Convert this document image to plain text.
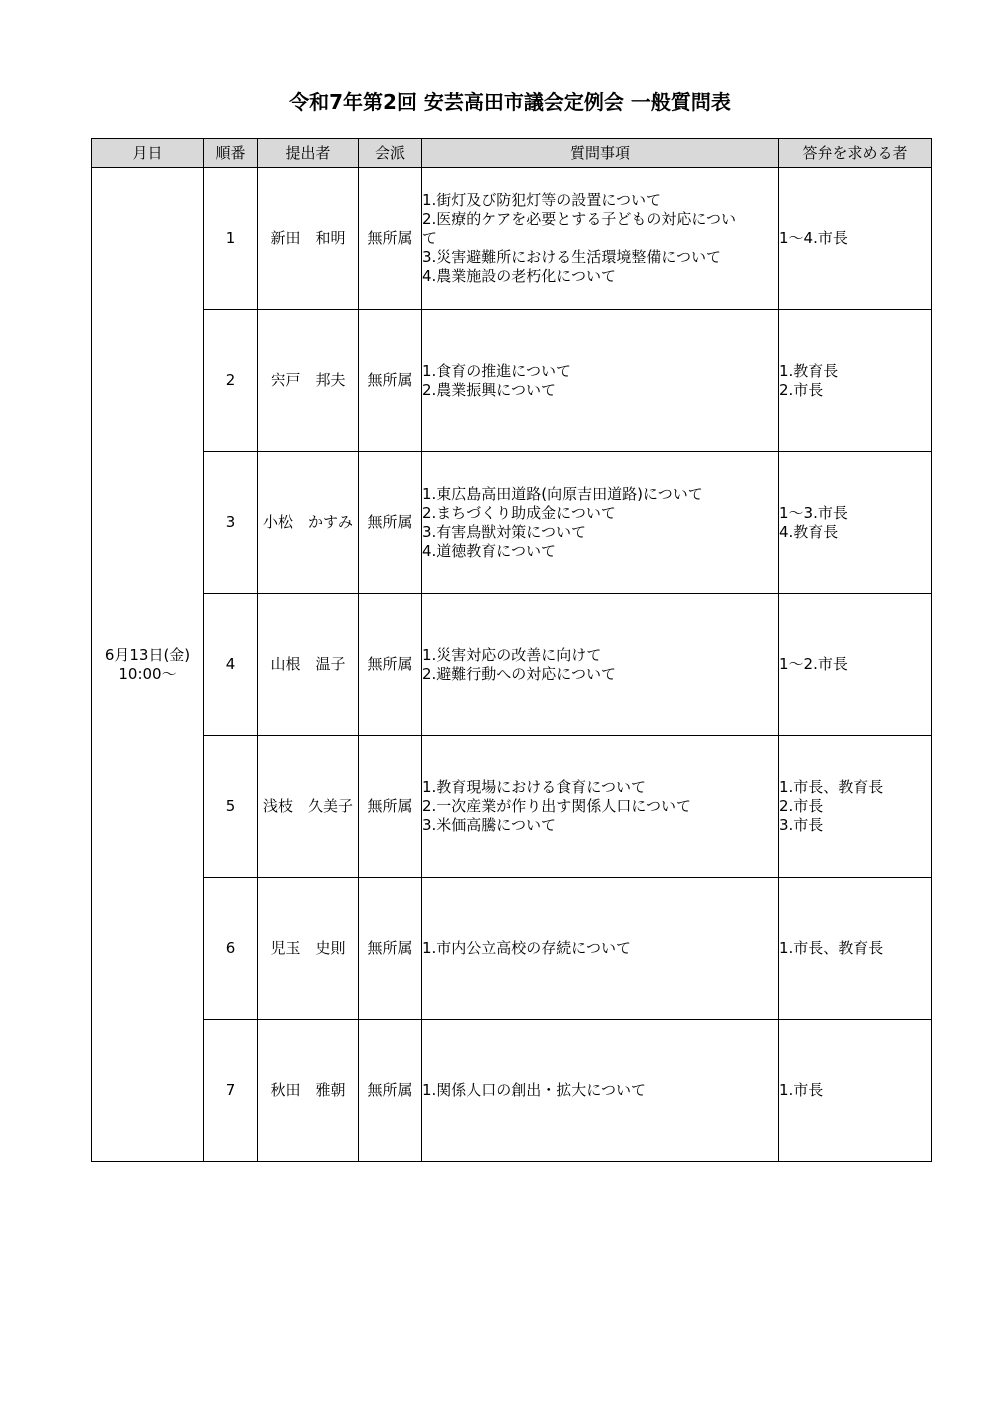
令和7年第2回 安芸高田市議会定例会 一般質問表
月日	順番	提出者	会派	質問事項	答弁を求める者

6月13日(金)
10:00〜	1	新田　和明	無所属	1.街灯及び防犯灯等の設置について
2.医療的ケアを必要とする子どもの対応につい
て
3.災害避難所における生活環境整備について
4.農業施設の老朽化について	1〜4.市長

	2	宍戸　邦夫	無所属	1.食育の推進について
2.農業振興について	1.教育長
2.市長

	3	小松　かすみ	無所属	1.東広島高田道路(向原吉田道路)について
2.まちづくり助成金について
3.有害鳥獣対策について
4.道徳教育について	1〜3.市長
4.教育長

	4	山根　温子	無所属	1.災害対応の改善に向けて
2.避難行動への対応について	1〜2.市長

	5	浅枝　久美子	無所属	1.教育現場における食育について
2.一次産業が作り出す関係人口について
3.米価高騰について	1.市長、教育長
2.市長
3.市長

	6	児玉　史則	無所属	1.市内公立高校の存続について	1.市長、教育長

	7	秋田　雅朝	無所属	1.関係人口の創出・拡大について	1.市長
